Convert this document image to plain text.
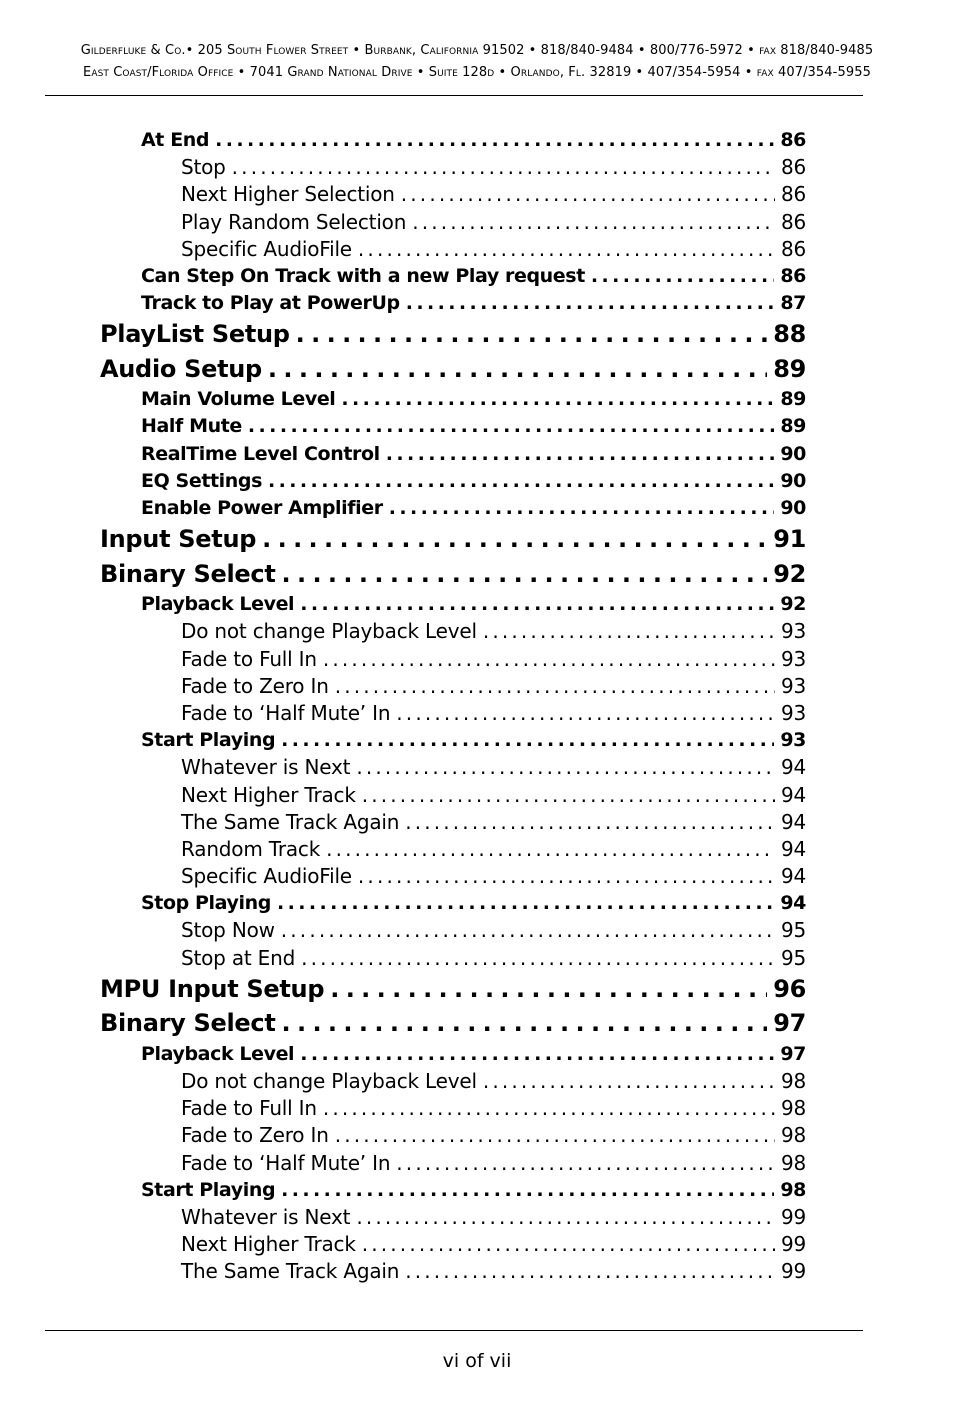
Gilderfluke & Co.• 205 South Flower Street • Burbank, California 91502 • 818/840-9484 • 800/776-5972 • fax 818/840-9485
East Coast/Florida Office • 7041 Grand National Drive • Suite 128d • Orlando, Fl. 32819 • 407/354-5954 • fax 407/354-5955
At End . . .	86
Stop . . .	86
Next Higher Selection . . .	86
Play Random Selection . . .	86
Specific AudioFile . . .	86
Can Step On Track with a new Play request . . .	86
Track to Play at PowerUp . . .	87
PlayList Setup . . .	88
Audio Setup . . .	89
Main Volume Level . . .	89
Half Mute . . .	89
RealTime Level Control . . .	90
EQ Settings . . .	90
Enable Power Amplifier . . .	90
Input Setup . . .	91
Binary Select . . .	92
Playback Level . . .	92
Do not change Playback Level . . .	93
Fade to Full In . . .	93
Fade to Zero In . . .	93
Fade to ‘Half Mute’ In . . .	93
Start Playing . . .	93
Whatever is Next . . .	94
Next Higher Track . . .	94
The Same Track Again . . .	94
Random Track . . .	94
Specific AudioFile . . .	94
Stop Playing . . .	94
Stop Now . . .	95
Stop at End . . .	95
MPU Input Setup . . .	96
Binary Select . . .	97
Playback Level . . .	97
Do not change Playback Level . . .	98
Fade to Full In . . .	98
Fade to Zero In . . .	98
Fade to ‘Half Mute’ In . . .	98
Start Playing . . .	98
Whatever is Next . . .	99
Next Higher Track . . .	99
The Same Track Again . . .	99
vi of vii
